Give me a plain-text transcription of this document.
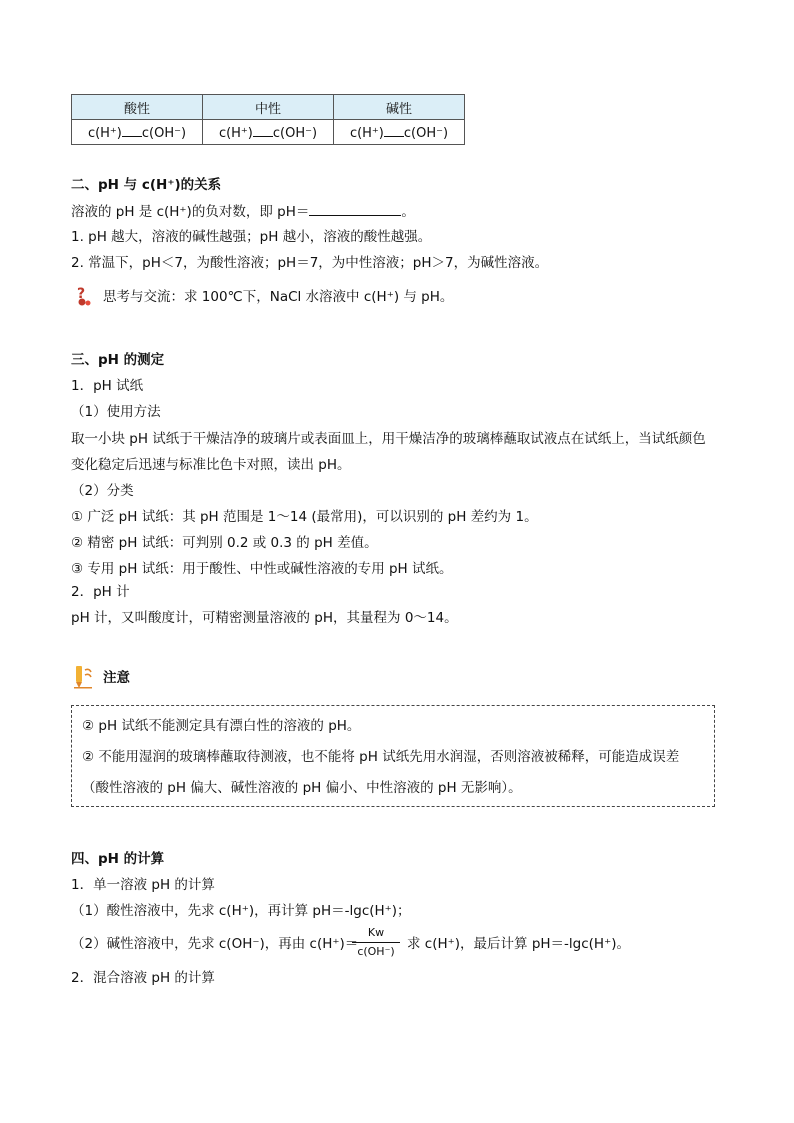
酸性	中性	碱性
c(H⁺) c(OH⁻)	c(H⁺) c(OH⁻)	c(H⁺) c(OH⁻)
二、pH 与 c(H⁺)的关系
溶液的 pH 是 c(H⁺)的负对数，即 pH＝	。
1. pH 越大，溶液的碱性越强；pH 越小，溶液的酸性越强。
2. 常温下，pH＜7，为酸性溶液；pH＝7，为中性溶液；pH＞7，为碱性溶液。
? 思考与交流：求 100℃下，NaCl 水溶液中 c(H⁺) 与 pH。
三、pH 的测定
1．pH 试纸
（1）使用方法
取一小块 pH 试纸于干燥洁净的玻璃片或表面皿上，用干燥洁净的玻璃棒蘸取试液点在试纸上，当试纸颜色
变化稳定后迅速与标准比色卡对照，读出 pH。
（2）分类
① 广泛 pH 试纸：其 pH 范围是 1～14 (最常用)，可以识别的 pH 差约为 1。
② 精密 pH 试纸：可判别 0.2 或 0.3 的 pH 差值。
③ 专用 pH 试纸：用于酸性、中性或碱性溶液的专用 pH 试纸。
2．pH 计
pH 计，又叫酸度计，可精密测量溶液的 pH，其量程为 0～14。
注意
② pH 试纸不能测定具有漂白性的溶液的 pH。
② 不能用湿润的玻璃棒蘸取待测液，也不能将 pH 试纸先用水润湿，否则溶液被稀释，可能造成误差
（酸性溶液的 pH 偏大、碱性溶液的 pH 偏小、中性溶液的 pH 无影响）。
四、pH 的计算
1．单一溶液 pH 的计算
（1）酸性溶液中，先求 c(H⁺)，再计算 pH＝-lgc(H⁺)；
（2）碱性溶液中，先求 c(OH⁻)，再由 c(H⁺)＝
Kw
c(OH⁻) 求 c(H⁺)，最后计算 pH＝-lgc(H⁺)。
2．混合溶液 pH 的计算
